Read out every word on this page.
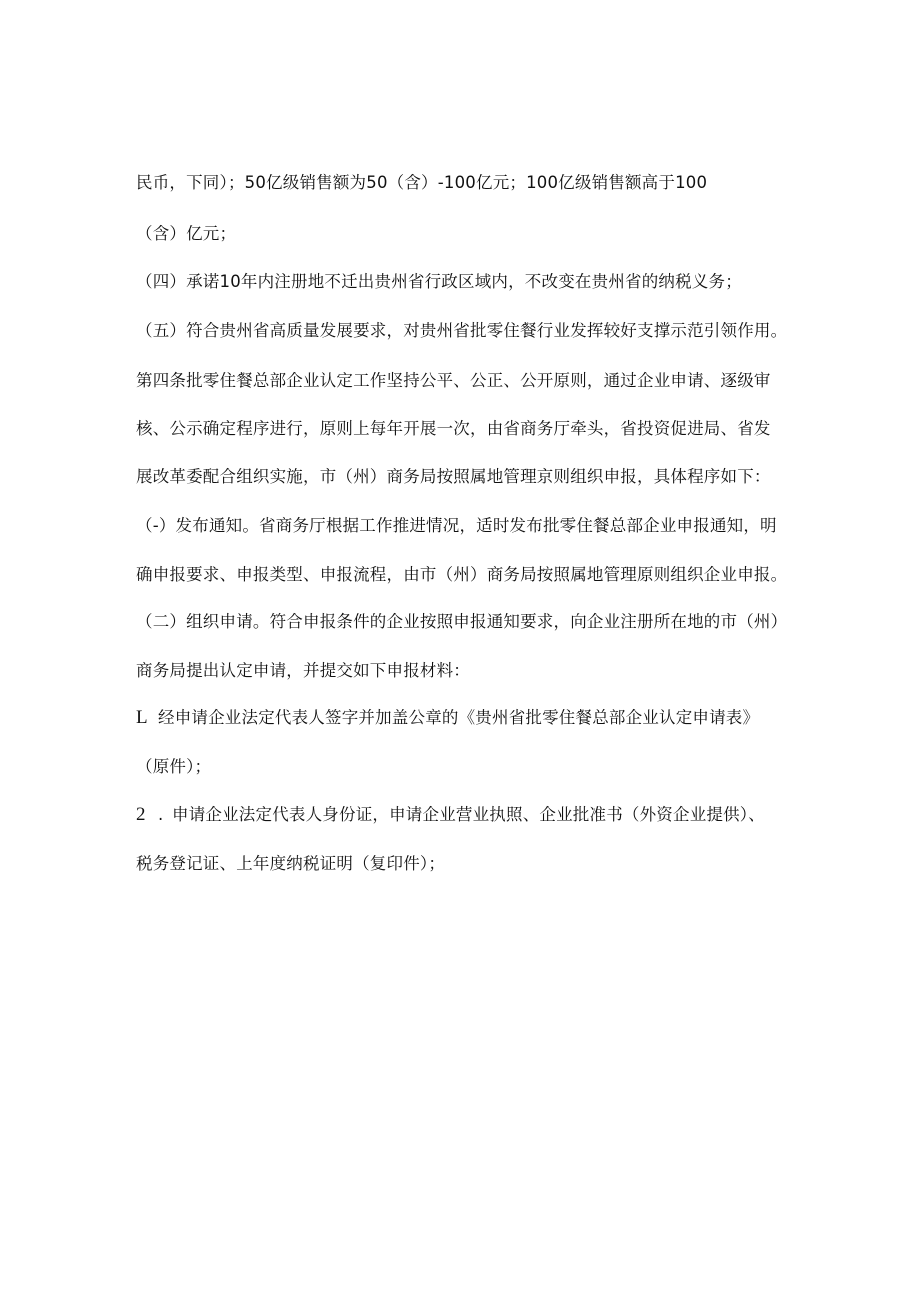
民币，下同）；50亿级销售额为50（含）-100亿元；100亿级销售额高于100

（含）亿元；

（四）承诺10年内注册地不迁出贵州省行政区域内，不改变在贵州省的纳税义务；

（五）符合贵州省高质量发展要求，对贵州省批零住餐行业发挥较好支撑示范引领作用。

第四条批零住餐总部企业认定工作坚持公平、公正、公开原则，通过企业申请、逐级审

核、公示确定程序进行，原则上每年开展一次，由省商务厅牵头，省投资促进局、省发

展改革委配合组织实施，市（州）商务局按照属地管理京则组织申报，具体程序如下：

（-）发布通知。省商务厅根据工作推进情况，适时发布批零住餐总部企业申报通知，明

确申报要求、申报类型、申报流程，由市（州）商务局按照属地管理原则组织企业申报。

（二）组织申请。符合申报条件的企业按照申报通知要求，向企业注册所在地的市（州）

商务局提出认定申请，并提交如下申报材料：

L 经申请企业法定代表人签字并加盖公章的《贵州省批零住餐总部企业认定申请表》

（原件）；

2 . 申请企业法定代表人身份证，申请企业营业执照、企业批准书（外资企业提供）、

税务登记证、上年度纳税证明（复印件）；
